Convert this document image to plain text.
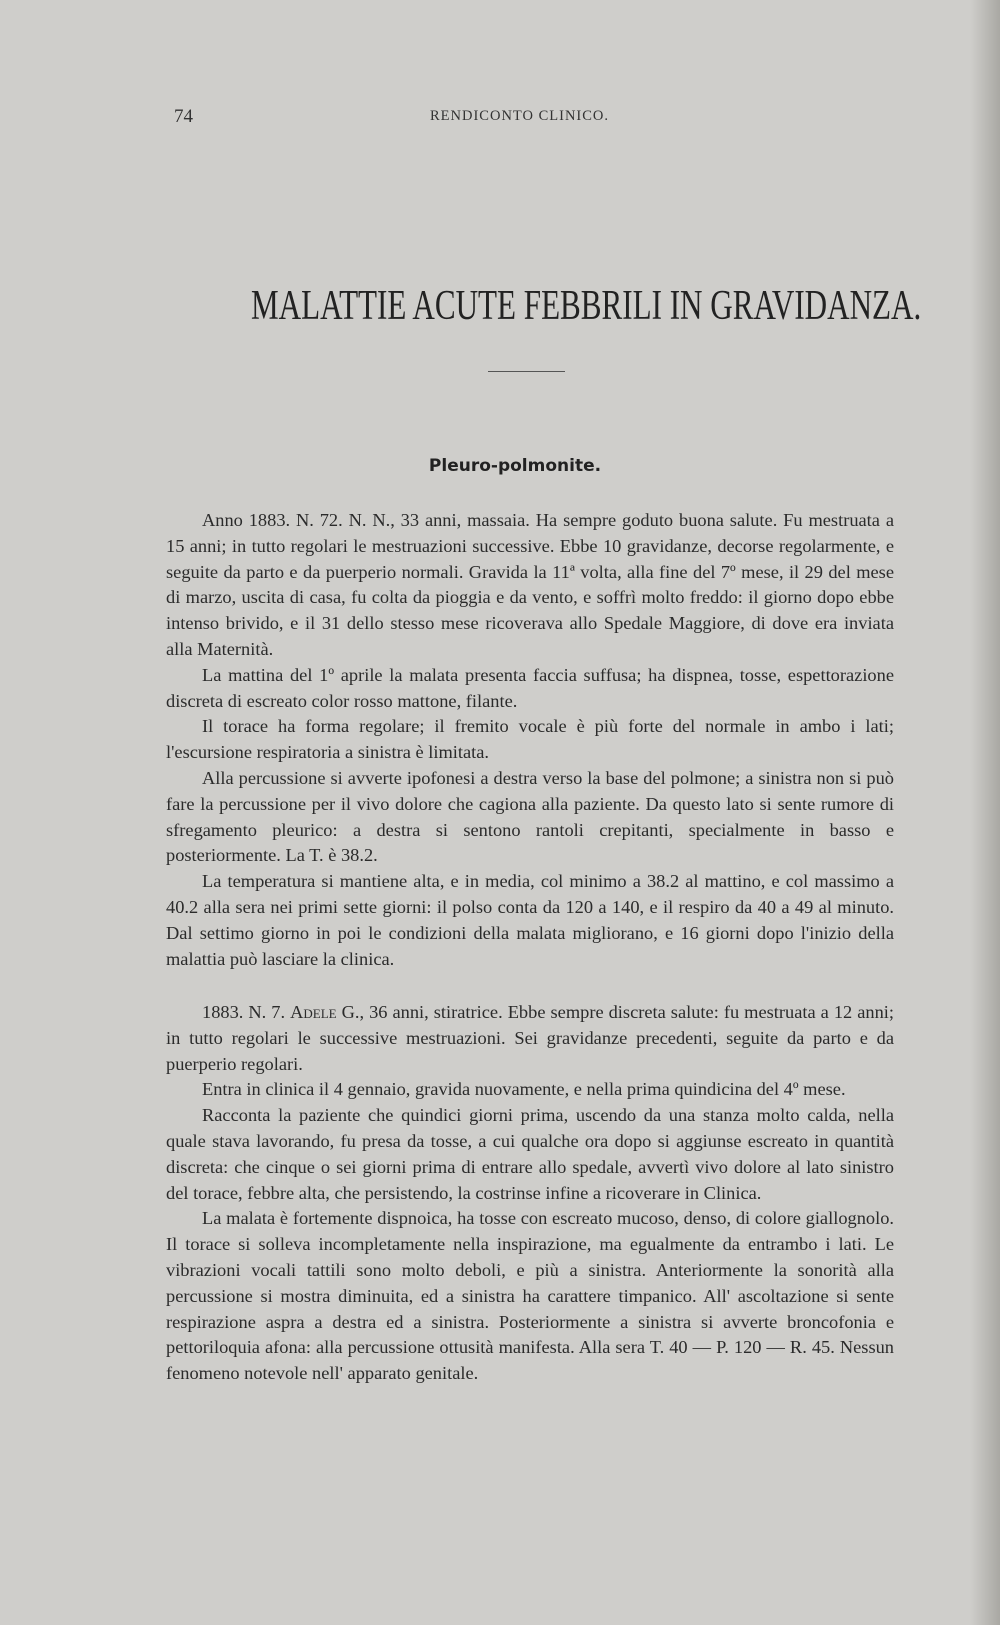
74	RENDICONTO CLINICO.
MALATTIE ACUTE FEBBRILI IN GRAVIDANZA.
Pleuro-polmonite.

Anno 1883. N. 72. N. N., 33 anni, massaia. Ha sempre goduto buona salute. Fu mestruata a 15 anni; in tutto regolari le mestruazioni successive. Ebbe 10 gravidanze, decorse regolarmente, e seguite da parto e da puerperio normali. Gravida la 11ª volta, alla fine del 7º mese, il 29 del mese di marzo, uscita di casa, fu colta da pioggia e da vento, e soffrì molto freddo: il giorno dopo ebbe intenso brivido, e il 31 dello stesso mese ricoverava allo Spedale Maggiore, di dove era inviata alla Maternità.

La mattina del 1º aprile la malata presenta faccia suffusa; ha dispnea, tosse, espettorazione discreta di escreato color rosso mattone, filante.

Il torace ha forma regolare; il fremito vocale è più forte del normale in ambo i lati; l'escursione respiratoria a sinistra è limitata.

Alla percussione si avverte ipofonesi a destra verso la base del polmone; a sinistra non si può fare la percussione per il vivo dolore che cagiona alla paziente. Da questo lato si sente rumore di sfregamento pleurico: a destra si sentono rantoli crepitanti, specialmente in basso e posteriormente. La T. è 38.2.

La temperatura si mantiene alta, e in media, col minimo a 38.2 al mattino, e col massimo a 40.2 alla sera nei primi sette giorni: il polso conta da 120 a 140, e il respiro da 40 a 49 al minuto. Dal settimo giorno in poi le condizioni della malata migliorano, e 16 giorni dopo l'inizio della malattia può lasciare la clinica.

1883. N. 7. Adele G., 36 anni, stiratrice. Ebbe sempre discreta salute: fu mestruata a 12 anni; in tutto regolari le successive mestruazioni. Sei gravidanze precedenti, seguite da parto e da puerperio regolari.

Entra in clinica il 4 gennaio, gravida nuovamente, e nella prima quindicina del 4º mese.

Racconta la paziente che quindici giorni prima, uscendo da una stanza molto calda, nella quale stava lavorando, fu presa da tosse, a cui qualche ora dopo si aggiunse escreato in quantità discreta: che cinque o sei giorni prima di entrare allo spedale, avvertì vivo dolore al lato sinistro del torace, febbre alta, che persistendo, la costrinse infine a ricoverare in Clinica.

La malata è fortemente dispnoica, ha tosse con escreato mucoso, denso, di colore giallognolo. Il torace si solleva incompletamente nella inspirazione, ma egualmente da entrambo i lati. Le vibrazioni vocali tattili sono molto deboli, e più a sinistra. Anteriormente la sonorità alla percussione si mostra diminuita, ed a sinistra ha carattere timpanico. All' ascoltazione si sente respirazione aspra a destra ed a sinistra. Posteriormente a sinistra si avverte broncofonia e pettoriloquia afona: alla percussione ottusità manifesta. Alla sera T. 40 — P. 120 — R. 45. Nessun fenomeno notevole nell' apparato genitale.
